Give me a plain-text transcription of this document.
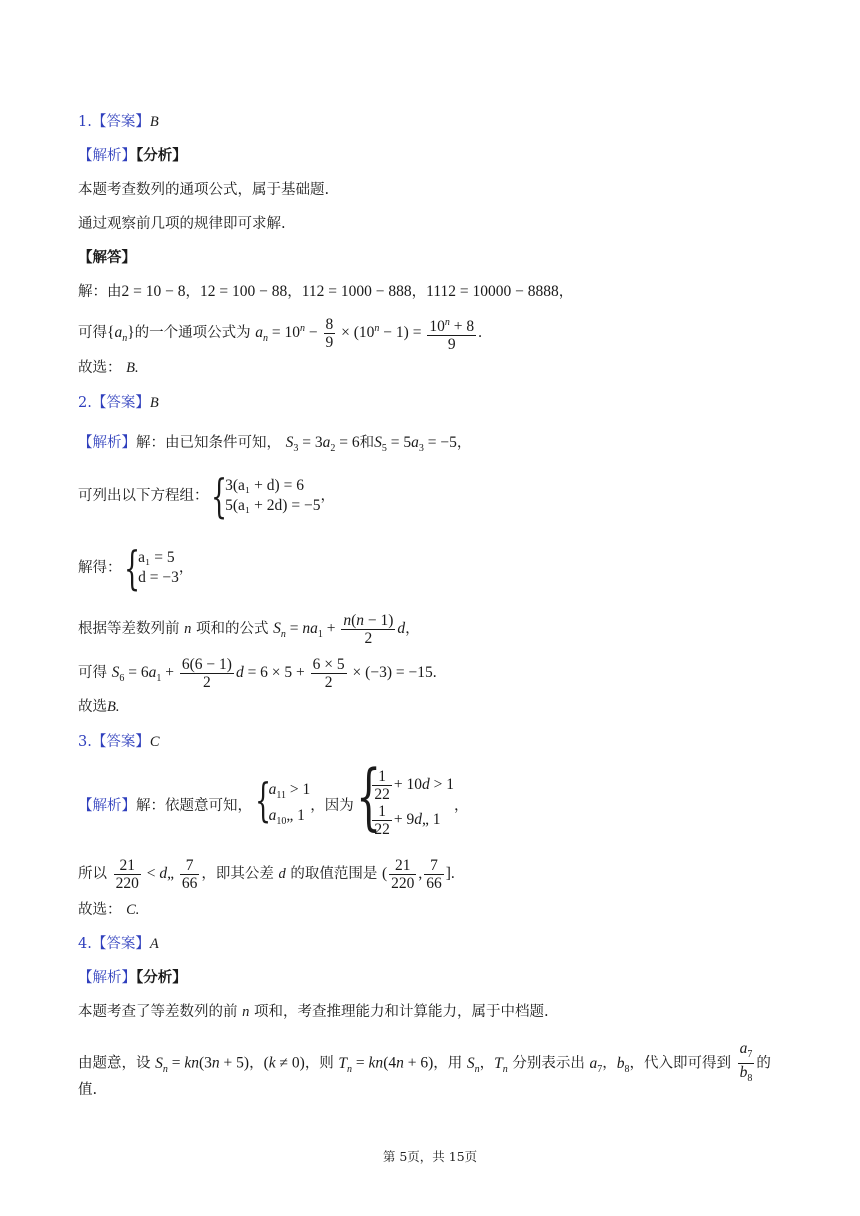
1.【答案】B
【解析】【分析】
本题考查数列的通项公式，属于基础题.
通过观察前几项的规律即可求解.
【解答】
解：由2 = 10 − 8，12 = 100 − 88，112 = 1000 − 888，1112 = 10000 − 8888，
可得$\{a_n\}$的一个通项公式为 $a_n = 10^n - \frac{8}{9} \times (10^n - 1) = \frac{10^n + 8}{9}$ .
故选： B.
2.【答案】B
【解析】解：由已知条件可知， $S_3 = 3a_2 = 6$和$S_5 = 5a_3 = -5$，
可列出以下方程组：
{ 3(a₁ + d) = 6
5(a₁ + 2d) = −5
，
解得：
{ a₁ = 5
d = −3
，
根据等差数列前 n 项和的公式 $S_n = na_1 + \frac{n(n - 1)}{2}$ d，
可得 $S_6 = 6a_1 + \frac{6(6 - 1)}{2}$ $d = 6 \times 5 + \frac{6 \times 5}{2} \times (-3) = -15$.
故选B.
3.【答案】C
【解析】解：依题意可知，
{ $a_{11} > 1$
$a_{10}„$ 1
，因为
{ $\frac{1}{22} + 10d > 1$
$\frac{1}{22}$ + 9d„ 1
，
所以 $\frac{21}{220}$ < d„ $\frac{7}{66}$ ，即其公差 d 的取值范围是 ( $\frac{21}{220}$ , $\frac{7}{66}$ ].
故选： C.
4.【答案】A
【解析】【分析】
本题考查了等差数列的前 n 项和，考查推理能力和计算能力，属于中档题.
由题意，设 $S_n = kn(3n + 5)$，(k ≠ 0)，则 $T_n = kn(4n + 6)$，用 $S_n$，$T_n$ 分别表示出 $a_7$，$b_8$，代入即可得到 $\frac{a_7}{b_8}$ 的
值.
第 5页，共 15页
